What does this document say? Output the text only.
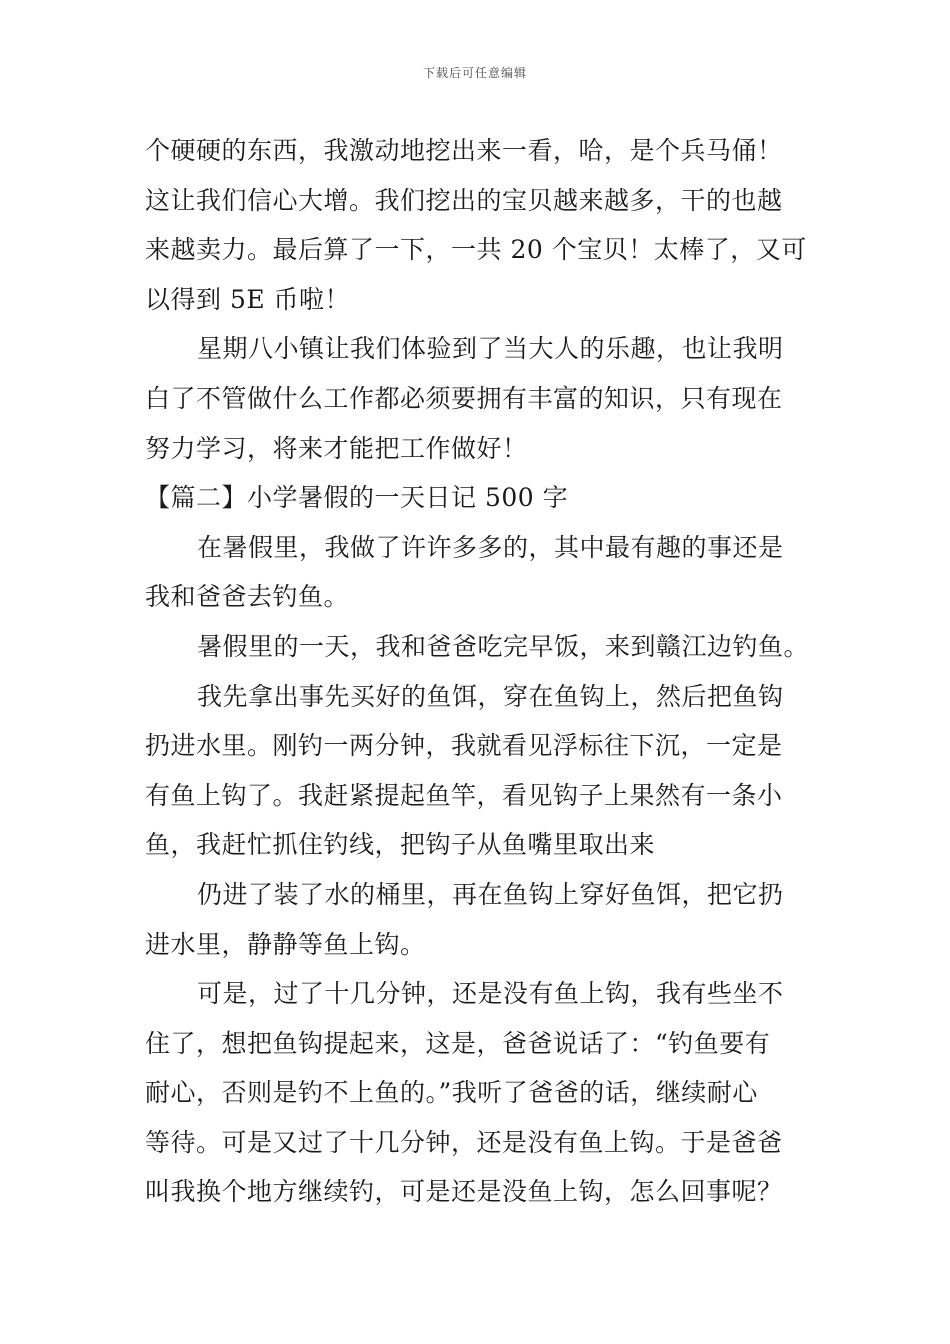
下载后可任意编辑
个硬硬的东西，我激动地挖出来一看，哈，是个兵马俑！
这让我们信心大增。我们挖出的宝贝越来越多，干的也越
来越卖力。最后算了一下，一共 20 个宝贝！太棒了，又可
以得到 5E 币啦！
星期八小镇让我们体验到了当大人的乐趣，也让我明
白了不管做什么工作都必须要拥有丰富的知识，只有现在
努力学习，将来才能把工作做好！
【篇二】小学暑假的一天日记 500 字
在暑假里，我做了许许多多的，其中最有趣的事还是
我和爸爸去钓鱼。
暑假里的一天，我和爸爸吃完早饭，来到赣江边钓鱼。
我先拿出事先买好的鱼饵，穿在鱼钩上，然后把鱼钩
扔进水里。刚钓一两分钟，我就看见浮标往下沉，一定是
有鱼上钩了。我赶紧提起鱼竿，看见钩子上果然有一条小
鱼，我赶忙抓住钓线，把钩子从鱼嘴里取出来
仍进了装了水的桶里，再在鱼钩上穿好鱼饵，把它扔
进水里，静静等鱼上钩。
可是，过了十几分钟，还是没有鱼上钩，我有些坐不
住了，想把鱼钩提起来，这是，爸爸说话了：“钓鱼要有
耐心，否则是钓不上鱼的。”我听了爸爸的话，继续耐心
等待。可是又过了十几分钟，还是没有鱼上钩。于是爸爸
叫我换个地方继续钓，可是还是没鱼上钩，怎么回事呢？
